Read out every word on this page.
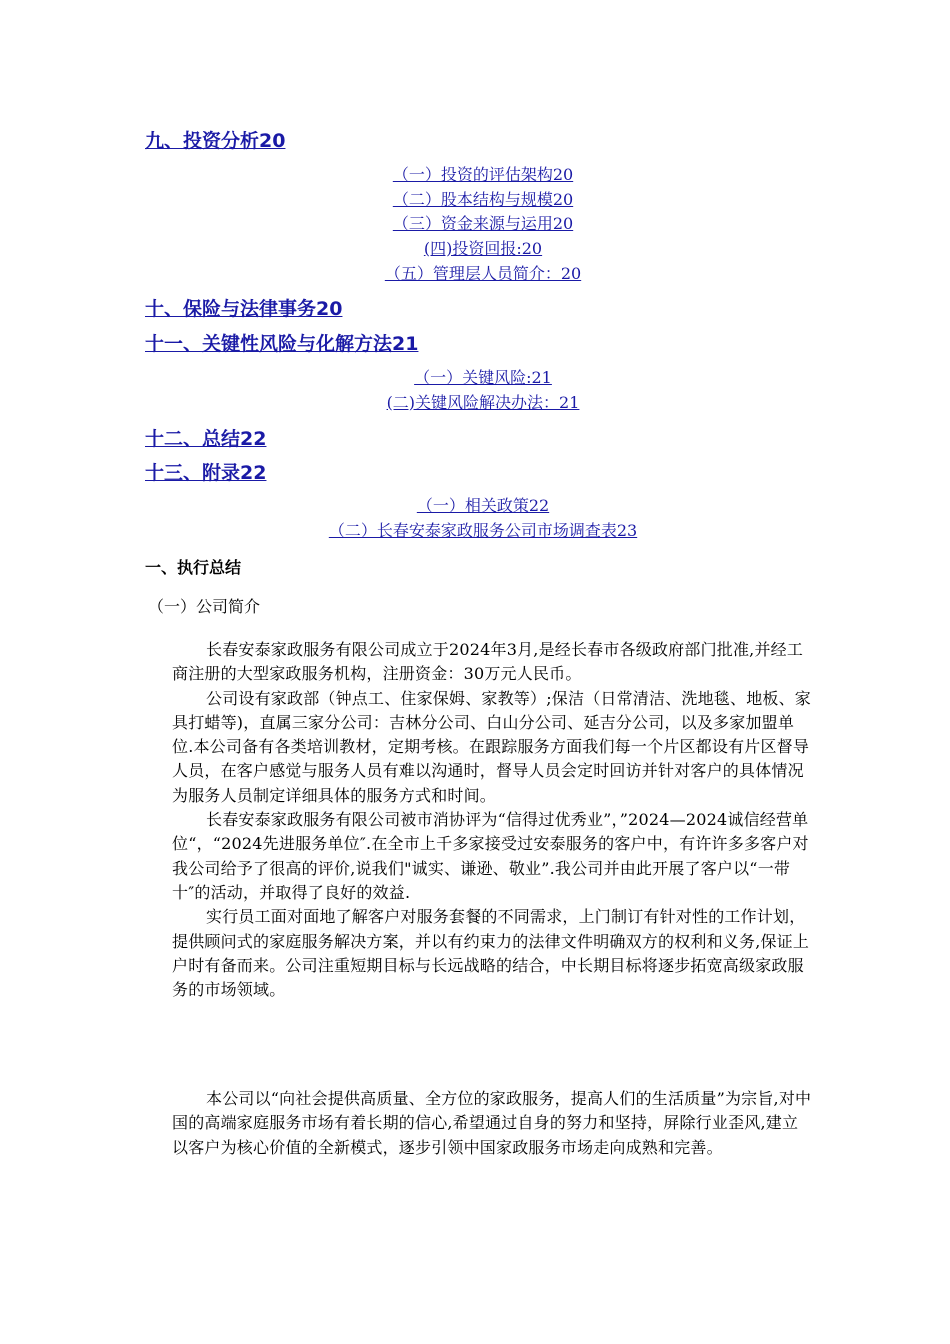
九、投资分析20
（一）投资的评估架构20
（二）股本结构与规模20
（三）资金来源与运用20
(四)投资回报:20
（五）管理层人员简介：20
十、保险与法律事务20
十一、关键性风险与化解方法21
（一）关键风险:21
(二)关键风险解决办法：21
十二、总结22
十三、附录22
（一）相关政策22
（二）长春安泰家政服务公司市场调查表23
一、执行总结
（一）公司简介

长春安泰家政服务有限公司成立于2024年3月,是经长春市各级政府部门批准,并经工商注册的大型家政服务机构，注册资金：30万元人民币。

公司设有家政部（钟点工、住家保姆、家教等）;保洁（日常清洁、洗地毯、地板、家具打蜡等)，直属三家分公司：吉林分公司、白山分公司、延吉分公司，以及多家加盟单位.本公司备有各类培训教材，定期考核。在跟踪服务方面我们每一个片区都设有片区督导人员，在客户感觉与服务人员有难以沟通时，督导人员会定时回访并针对客户的具体情况为服务人员制定详细具体的服务方式和时间。

长春安泰家政服务有限公司被市消协评为“信得过优秀业”，”2024—2024诚信经营单位“，“2024先进服务单位″.在全市上千多家接受过安泰服务的客户中，有许许多多客户对我公司给予了很高的评价,说我们"诚实、谦逊、敬业”.我公司并由此开展了客户以“一带十″的活动，并取得了良好的效益.

实行员工面对面地了解客户对服务套餐的不同需求，上门制订有针对性的工作计划，提供顾问式的家庭服务解决方案，并以有约束力的法律文件明确双方的权利和义务,保证上户时有备而来。公司注重短期目标与长远战略的结合，中长期目标将逐步拓宽高级家政服务的市场领域。

本公司以“向社会提供高质量、全方位的家政服务，提高人们的生活质量”为宗旨,对中国的高端家庭服务市场有着长期的信心,希望通过自身的努力和坚持，屏除行业歪风,建立以客户为核心价值的全新模式，逐步引领中国家政服务市场走向成熟和完善。
